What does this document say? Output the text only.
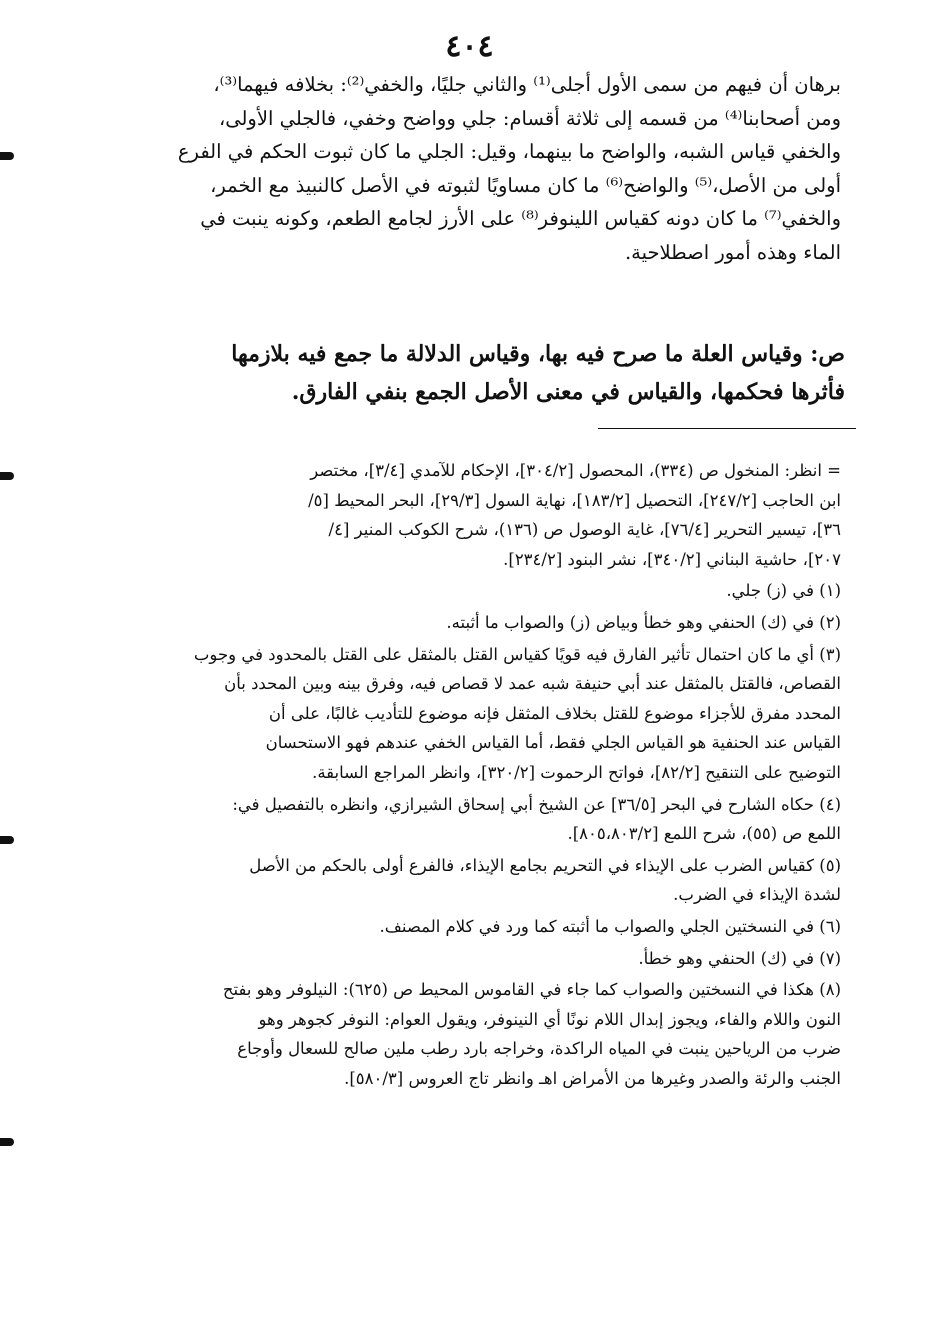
٤٠٤
برهان أن فيهم من سمى الأول أجلى⁽¹⁾ والثاني جليًا، والخفي⁽²⁾: بخلافه فيهما⁽³⁾،
ومن أصحابنا⁽⁴⁾ من قسمه إلى ثلاثة أقسام: جلي وواضح وخفي، فالجلي الأولى،
والخفي قياس الشبه، والواضح ما بينهما، وقيل: الجلي ما كان ثبوت الحكم في الفرع
أولى من الأصل،⁽⁵⁾ والواضح⁽⁶⁾ ما كان مساويًا لثبوته في الأصل كالنبيذ مع الخمر،
والخفي⁽⁷⁾ ما كان دونه كقياس اللينوفر⁽⁸⁾ على الأرز لجامع الطعم، وكونه ينبت في
الماء وهذه أمور اصطلاحية.
ص: وقياس العلة ما صرح فيه بها، وقياس الدلالة ما جمع فيه بلازمها
فأثرها فحكمها، والقياس في معنى الأصل الجمع بنفي الفارق.
= انظر: المنخول ص (٣٣٤)، المحصول [٣٠٤/٢]، الإحكام للآمدي [٣/٤]، مختصر
ابن الحاجب [٢٤٧/٢]، التحصيل [١٨٣/٢]، نهاية السول [٢٩/٣]، البحر المحيط [٥/
٣٦]، تيسير التحرير [٧٦/٤]، غاية الوصول ص (١٣٦)، شرح الكوكب المنير [٤/
٢٠٧]، حاشية البناني [٣٤٠/٢]، نشر البنود [٢٣٤/٢].
(١) في (ز) جلي.
(٢) في (ك) الحنفي وهو خطأ وبياض (ز) والصواب ما أثبته.
(٣) أي ما كان احتمال تأثير الفارق فيه قويًا كقياس القتل بالمثقل على القتل بالمحدود في وجوب
القصاص، فالقتل بالمثقل عند أبي حنيفة شبه عمد لا قصاص فيه، وفرق بينه وبين المحدد بأن
المحدد مفرق للأجزاء موضوع للقتل بخلاف المثقل فإنه موضوع للتأديب غالبًا، على أن
القياس عند الحنفية هو القياس الجلي فقط، أما القياس الخفي عندهم فهو الاستحسان
التوضيح على التنقيح [٨٢/٢]، فواتح الرحموت [٣٢٠/٢]، وانظر المراجع السابقة.
(٤) حكاه الشارح في البحر [٣٦/٥] عن الشيخ أبي إسحاق الشيرازي، وانظره بالتفصيل في:
اللمع ص (٥٥)، شرح اللمع [٨٠٥،٨٠٣/٢].
(٥) كقياس الضرب على الإيذاء في التحريم بجامع الإيذاء، فالفرع أولى بالحكم من الأصل
لشدة الإيذاء في الضرب.
(٦) في النسختين الجلي والصواب ما أثبته كما ورد في كلام المصنف.
(٧) في (ك) الحنفي وهو خطأ.
(٨) هكذا في النسختين والصواب كما جاء في القاموس المحيط ص (٦٢٥): النيلوفر وهو بفتح
النون واللام والفاء، ويجوز إبدال اللام نونًا أي النينوفر، ويقول العوام: النوفر كجوهر وهو
ضرب من الرياحين ينبت في المياه الراكدة، وخراجه بارد رطب ملين صالح للسعال وأوجاع
الجنب والرئة والصدر وغيرها من الأمراض اهـ وانظر تاج العروس [٥٨٠/٣].
